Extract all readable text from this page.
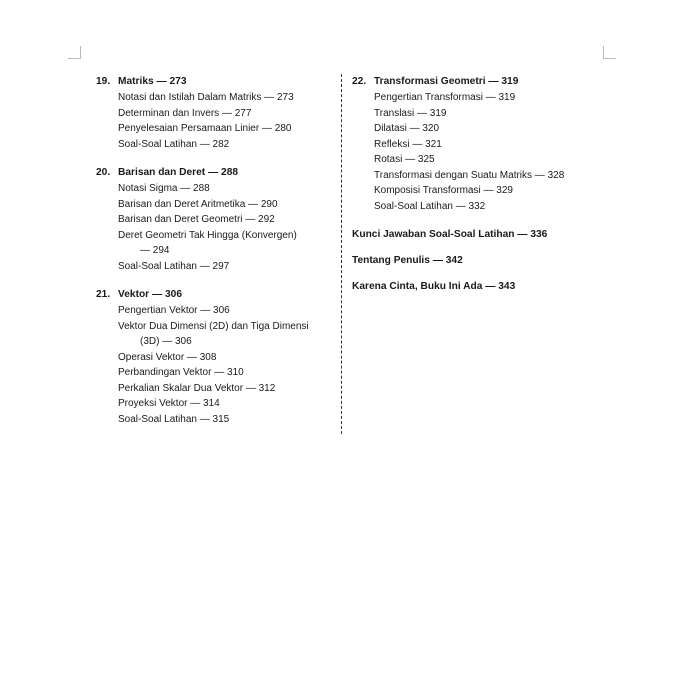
19. Matriks — 273
Notasi dan Istilah Dalam Matriks — 273
Determinan dan Invers — 277
Penyelesaian Persamaan Linier — 280
Soal-Soal Latihan — 282
20. Barisan dan Deret — 288
Notasi Sigma — 288
Barisan dan Deret Aritmetika — 290
Barisan dan Deret Geometri — 292
Deret Geometri Tak Hingga (Konvergen)
— 294
Soal-Soal Latihan — 297
21. Vektor — 306
Pengertian Vektor — 306
Vektor Dua Dimensi (2D) dan Tiga Dimensi
(3D) — 306
Operasi Vektor — 308
Perbandingan Vektor — 310
Perkalian Skalar Dua Vektor — 312
Proyeksi Vektor — 314
Soal-Soal Latihan — 315
22. Transformasi Geometri — 319
Pengertian Transformasi — 319
Translasi — 319
Dilatasi — 320
Refleksi — 321
Rotasi — 325
Transformasi dengan Suatu Matriks — 328
Komposisi Transformasi — 329
Soal-Soal Latihan — 332
Kunci Jawaban Soal-Soal Latihan — 336
Tentang Penulis — 342
Karena Cinta, Buku Ini Ada — 343
